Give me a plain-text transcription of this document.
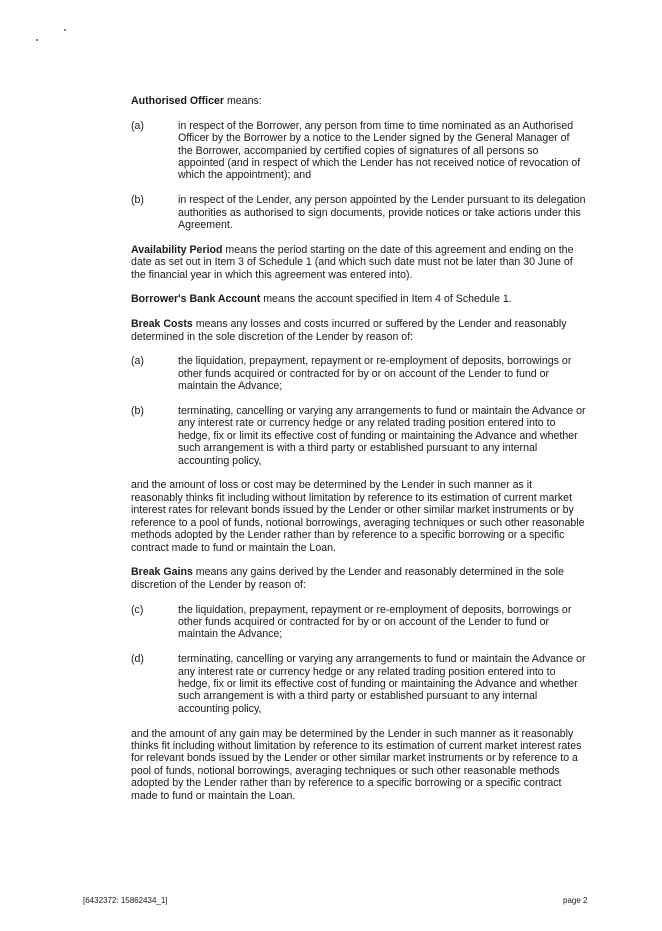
Authorised Officer means:

(a)	in respect of the Borrower, any person from time to time nominated as an Authorised Officer by the Borrower by a notice to the Lender signed by the General Manager of the Borrower, accompanied by certified copies of signatures of all persons so appointed (and in respect of which the Lender has not received notice of revocation of which the appointment); and
(b)	in respect of the Lender, any person appointed by the Lender pursuant to its delegation authorities as authorised to sign documents, provide notices or take actions under this Agreement.

Availability Period means the period starting on the date of this agreement and ending on the date as set out in Item 3 of Schedule 1 (and which such date must not be later than 30 June of the financial year in which this agreement was entered into).

Borrower's Bank Account means the account specified in Item 4 of Schedule 1.

Break Costs means any losses and costs incurred or suffered by the Lender and reasonably determined in the sole discretion of the Lender by reason of:

(a)	the liquidation, prepayment, repayment or re-employment of deposits, borrowings or other funds acquired or contracted for by or on account of the Lender to fund or maintain the Advance;
(b)	terminating, cancelling or varying any arrangements to fund or maintain the Advance or any interest rate or currency hedge or any related trading position entered into to hedge, fix or limit its effective cost of funding or maintaining the Advance and whether such arrangement is with a third party or established pursuant to any internal accounting policy,

and the amount of loss or cost may be determined by the Lender in such manner as it reasonably thinks fit including without limitation by reference to its estimation of current market interest rates for relevant bonds issued by the Lender or other similar market instruments or by reference to a pool of funds, notional borrowings, averaging techniques or such other reasonable methods adopted by the Lender rather than by reference to a specific borrowing or a specific contract made to fund or maintain the Loan.

Break Gains means any gains derived by the Lender and reasonably determined in the sole discretion of the Lender by reason of:

(c)	the liquidation, prepayment, repayment or re-employment of deposits, borrowings or other funds acquired or contracted for by or on account of the Lender to fund or maintain the Advance;
(d)	terminating, cancelling or varying any arrangements to fund or maintain the Advance or any interest rate or currency hedge or any related trading position entered into to hedge, fix or limit its effective cost of funding or maintaining the Advance and whether such arrangement is with a third party or established pursuant to any internal accounting policy,

and the amount of any gain may be determined by the Lender in such manner as it reasonably thinks fit including without limitation by reference to its estimation of current market interest rates for relevant bonds issued by the Lender or other similar market instruments or by reference to a pool of funds, notional borrowings, averaging techniques or such other reasonable methods adopted by the Lender rather than by reference to a specific borrowing or a specific contract made to fund or maintain the Loan.

[6432372: 15862434_1]	page 2
